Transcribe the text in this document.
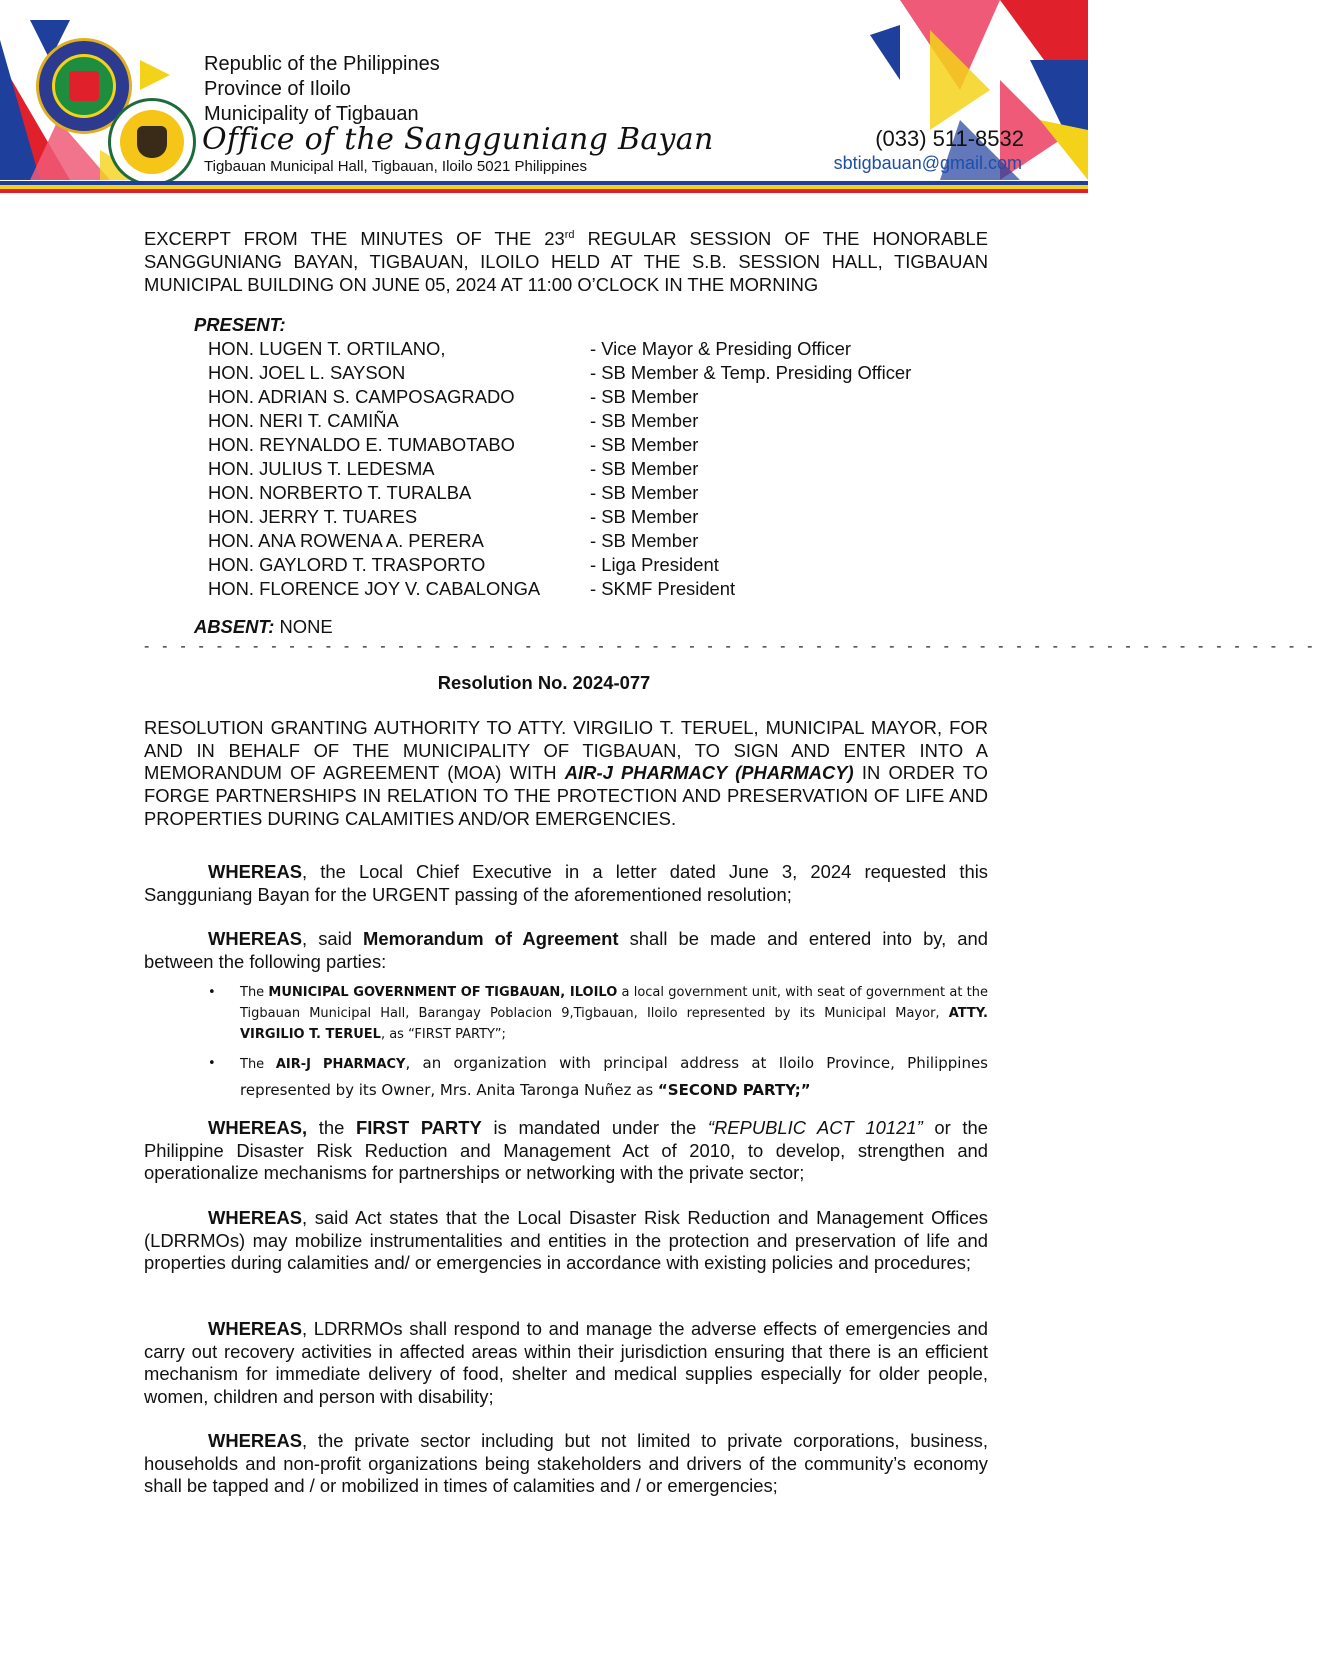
Republic of the Philippines
Province of Iloilo
Municipality of Tigbauan
Office of the Sangguniang Bayan
Tigbauan Municipal Hall, Tigbauan, Iloilo 5021 Philippines
(033) 511-8532
sbtigbauan@gmail.com
EXCERPT FROM THE MINUTES OF THE 23rd REGULAR SESSION OF THE HONORABLE SANGGUNIANG BAYAN, TIGBAUAN, ILOILO HELD AT THE S.B. SESSION HALL, TIGBAUAN MUNICIPAL BUILDING ON JUNE 05, 2024 AT 11:00 O’CLOCK IN THE MORNING
PRESENT:
HON. LUGEN T. ORTILANO,	- Vice Mayor & Presiding Officer
HON. JOEL L. SAYSON	- SB Member & Temp. Presiding Officer
HON. ADRIAN S. CAMPOSAGRADO	- SB Member
HON. NERI T. CAMIÑA	- SB Member
HON. REYNALDO E. TUMABOTABO	- SB Member
HON. JULIUS T. LEDESMA	- SB Member
HON. NORBERTO T. TURALBA	- SB Member
HON. JERRY T. TUARES	- SB Member
HON. ANA ROWENA A. PERERA	- SB Member
HON. GAYLORD T. TRASPORTO	- Liga President
HON. FLORENCE JOY V. CABALONGA	- SKMF President
ABSENT: NONE
- - - - - - - - - - - - - - - - - - - - - - - - - - - - - - - - - - - - - - - - - - - - - - - - - - - - - - - - - - - - - - - - -
Resolution No. 2024-077
RESOLUTION GRANTING AUTHORITY TO ATTY. VIRGILIO T. TERUEL, MUNICIPAL MAYOR, FOR AND IN BEHALF OF THE MUNICIPALITY OF TIGBAUAN, TO SIGN AND ENTER INTO A MEMORANDUM OF AGREEMENT (MOA) WITH AIR-J PHARMACY (PHARMACY) IN ORDER TO FORGE PARTNERSHIPS IN RELATION TO THE PROTECTION AND PRESERVATION OF LIFE AND PROPERTIES DURING CALAMITIES AND/OR EMERGENCIES.
WHEREAS, the Local Chief Executive in a letter dated June 3, 2024 requested this Sangguniang Bayan for the URGENT passing of the aforementioned resolution;
WHEREAS, said Memorandum of Agreement shall be made and entered into by, and between the following parties:
• The MUNICIPAL GOVERNMENT OF TIGBAUAN, ILOILO a local government unit, with seat of government at the Tigbauan Municipal Hall, Barangay Poblacion 9,Tigbauan, Iloilo represented by its Municipal Mayor, ATTY. VIRGILIO T. TERUEL, as “FIRST PARTY”;
• The AIR-J PHARMACY, an organization with principal address at Iloilo Province, Philippines represented by its Owner, Mrs. Anita Taronga Nuñez as “SECOND PARTY;”
WHEREAS, the FIRST PARTY is mandated under the “REPUBLIC ACT 10121” or the Philippine Disaster Risk Reduction and Management Act of 2010, to develop, strengthen and operationalize mechanisms for partnerships or networking with the private sector;
WHEREAS, said Act states that the Local Disaster Risk Reduction and Management Offices (LDRRMOs) may mobilize instrumentalities and entities in the protection and preservation of life and properties during calamities and/ or emergencies in accordance with existing policies and procedures;
WHEREAS, LDRRMOs shall respond to and manage the adverse effects of emergencies and carry out recovery activities in affected areas within their jurisdiction ensuring that there is an efficient mechanism for immediate delivery of food, shelter and medical supplies especially for older people, women, children and person with disability;
WHEREAS, the private sector including but not limited to private corporations, business, households and non-profit organizations being stakeholders and drivers of the community’s economy shall be tapped and / or mobilized in times of calamities and / or emergencies;
